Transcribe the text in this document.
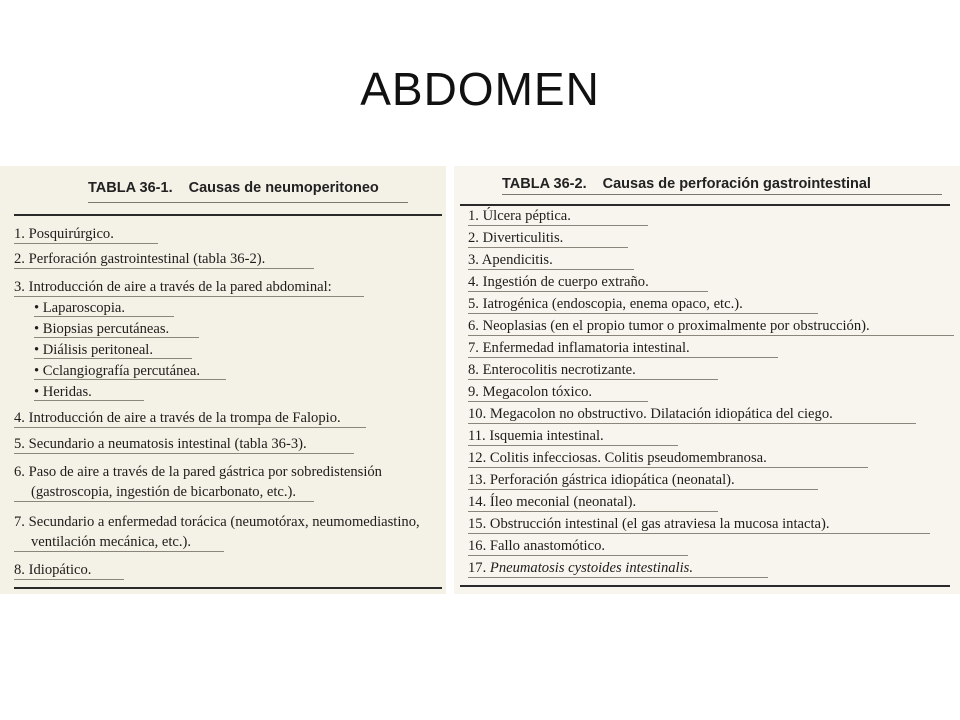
ABDOMEN
TABLA 36-1. Causas de neumoperitoneo
1. Posquirúrgico.
2. Perforación gastrointestinal (tabla 36-2).
3. Introducción de aire a través de la pared abdominal:
• Laparoscopia.
• Biopsias percutáneas.
• Diálisis peritoneal.
• Cclangiografía percutánea.
• Heridas.
4. Introducción de aire a través de la trompa de Falopio.
5. Secundario a neumatosis intestinal (tabla 36-3).
6. Paso de aire a través de la pared gástrica por sobredistensión
(gastroscopia, ingestión de bicarbonato, etc.).
7. Secundario a enfermedad torácica (neumotórax, neumomediastino,
ventilación mecánica, etc.).
8. Idiopático.
TABLA 36-2. Causas de perforación gastrointestinal
1. Úlcera péptica.
2. Diverticulitis.
3. Apendicitis.
4. Ingestión de cuerpo extraño.
5. Iatrogénica (endoscopia, enema opaco, etc.).
6. Neoplasias (en el propio tumor o proximalmente por obstrucción).
7. Enfermedad inflamatoria intestinal.
8. Enterocolitis necrotizante.
9. Megacolon tóxico.
10. Megacolon no obstructivo. Dilatación idiopática del ciego.
11. Isquemia intestinal.
12. Colitis infecciosas. Colitis pseudomembranosa.
13. Perforación gástrica idiopática (neonatal).
14. Íleo meconial (neonatal).
15. Obstrucción intestinal (el gas atraviesa la mucosa intacta).
16. Fallo anastomótico.
17. Pneumatosis cystoides intestinalis.
